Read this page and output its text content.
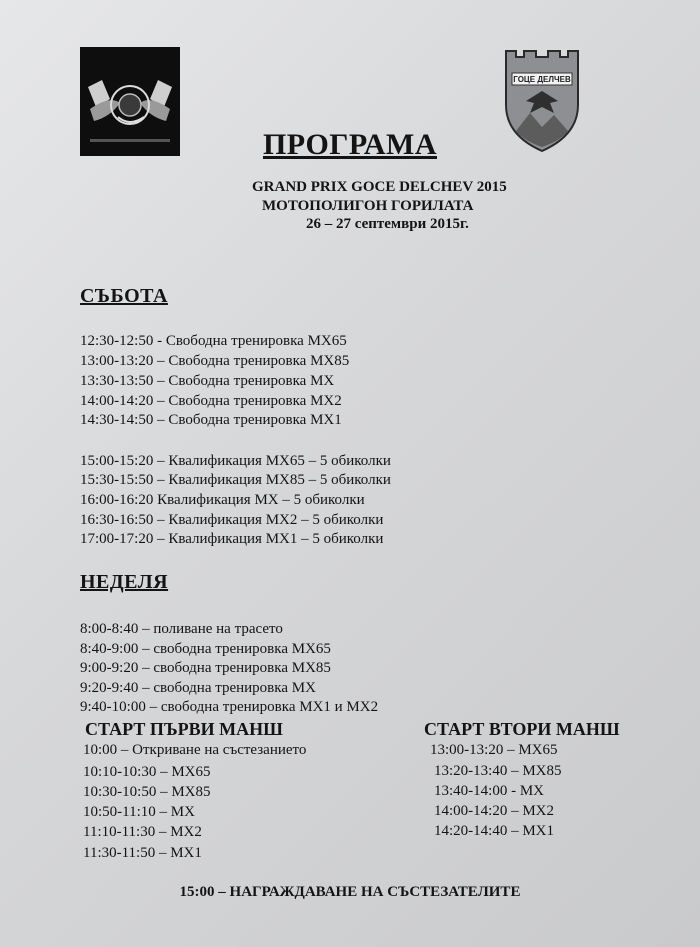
ГОЦЕ ДЕЛЧЕВ
ПРОГРАМА
GRAND PRIX GOCE DELCHEV 2015
МОТОПОЛИГОН ГОРИЛАТА
26 – 27 септември 2015г.
СЪБОТА
12:30-12:50 - Свободна тренировка MX65
13:00-13:20 – Свободна тренировка MX85
13:30-13:50 – Свободна тренировка MX
14:00-14:20 – Свободна тренировка MX2
14:30-14:50 – Свободна тренировка MX1
15:00-15:20 – Квалификация MX65 – 5 обиколки
15:30-15:50 – Квалификация MX85 – 5 обиколки
16:00-16:20 Квалификация MX – 5 обиколки
16:30-16:50 – Квалификация MX2 – 5 обиколки
17:00-17:20 – Квалификация MX1 – 5 обиколки
НЕДЕЛЯ
8:00-8:40 – поливане на трасето
8:40-9:00 – свободна тренировка MX65
9:00-9:20 – свободна тренировка MX85
9:20-9:40 – свободна тренировка MX
9:40-10:00 – свободна тренировка MX1 и MX2
СТАРТ ПЪРВИ МАНШ
10:00 – Откриване на състезанието
10:10-10:30 – MX65
10:30-10:50 – MX85
10:50-11:10 – MX
11:10-11:30 – MX2
11:30-11:50 – MX1
СТАРТ ВТОРИ МАНШ
13:00-13:20 – MX65
13:20-13:40 – MX85
13:40-14:00 - MX
14:00-14:20 – MX2
14:20-14:40 – MX1
15:00 – НАГРАЖДАВАНЕ НА СЪСТЕЗАТЕЛИТЕ
